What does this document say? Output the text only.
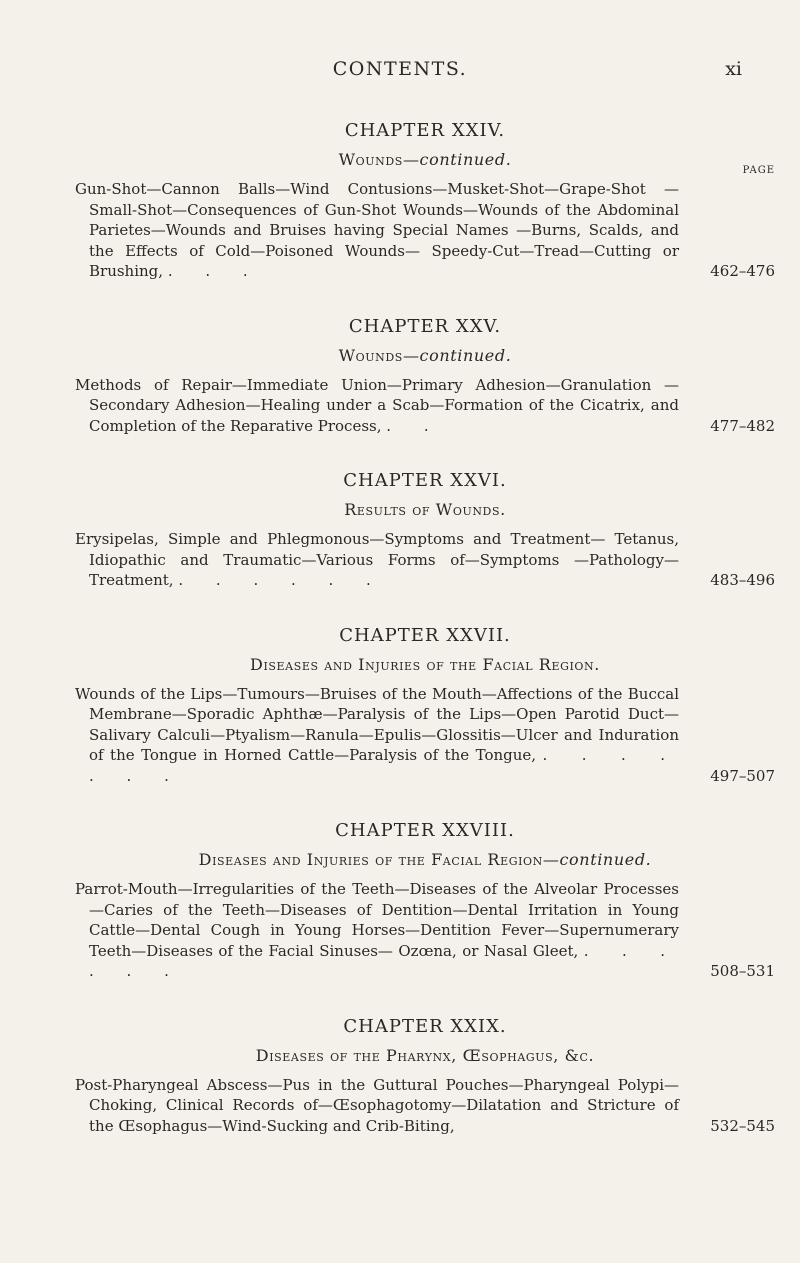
CONTENTS.	xi
CHAPTER XXIV.
Wounds—continued.
PAGE
Gun-Shot—Cannon Balls—Wind Contusions—Musket-Shot—Grape-Shot —Small-Shot—Consequences of Gun-Shot Wounds—Wounds of the Abdominal Parietes—Wounds and Bruises having Special Names —Burns, Scalds, and the Effects of Cold—Poisoned Wounds— Speedy-Cut—Tread—Cutting or Brushing, . . .	462–476
CHAPTER XXV.
Wounds—continued.
Methods of Repair—Immediate Union—Primary Adhesion—Granulation —Secondary Adhesion—Healing under a Scab—Formation of the Cicatrix, and Completion of the Reparative Process, . .	477–482
CHAPTER XXVI.
Results of Wounds.
Erysipelas, Simple and Phlegmonous—Symptoms and Treatment— Tetanus, Idiopathic and Traumatic—Various Forms of—Symptoms —Pathology—Treatment, . . . . . .	483–496
CHAPTER XXVII.
Diseases and Injuries of the Facial Region.
Wounds of the Lips—Tumours—Bruises of the Mouth—Affections of the Buccal Membrane—Sporadic Aphthæ—Paralysis of the Lips—Open Parotid Duct—Salivary Calculi—Ptyalism—Ranula—Epulis—Glossitis—Ulcer and Induration of the Tongue in Horned Cattle—Paralysis of the Tongue, . . . . . . .	497–507
CHAPTER XXVIII.
Diseases and Injuries of the Facial Region—continued.
Parrot-Mouth—Irregularities of the Teeth—Diseases of the Alveolar Processes—Caries of the Teeth—Diseases of Dentition—Dental Irritation in Young Cattle—Dental Cough in Young Horses—Dentition Fever—Supernumerary Teeth—Diseases of the Facial Sinuses— Ozœna, or Nasal Gleet, . . . . . .	508–531
CHAPTER XXIX.
Diseases of the Pharynx, Œsophagus, &c.
Post-Pharyngeal Abscess—Pus in the Guttural Pouches—Pharyngeal Polypi—Choking, Clinical Records of—Œsophagotomy—Dilatation and Stricture of the Œsophagus—Wind-Sucking and Crib-Biting,	532–545
